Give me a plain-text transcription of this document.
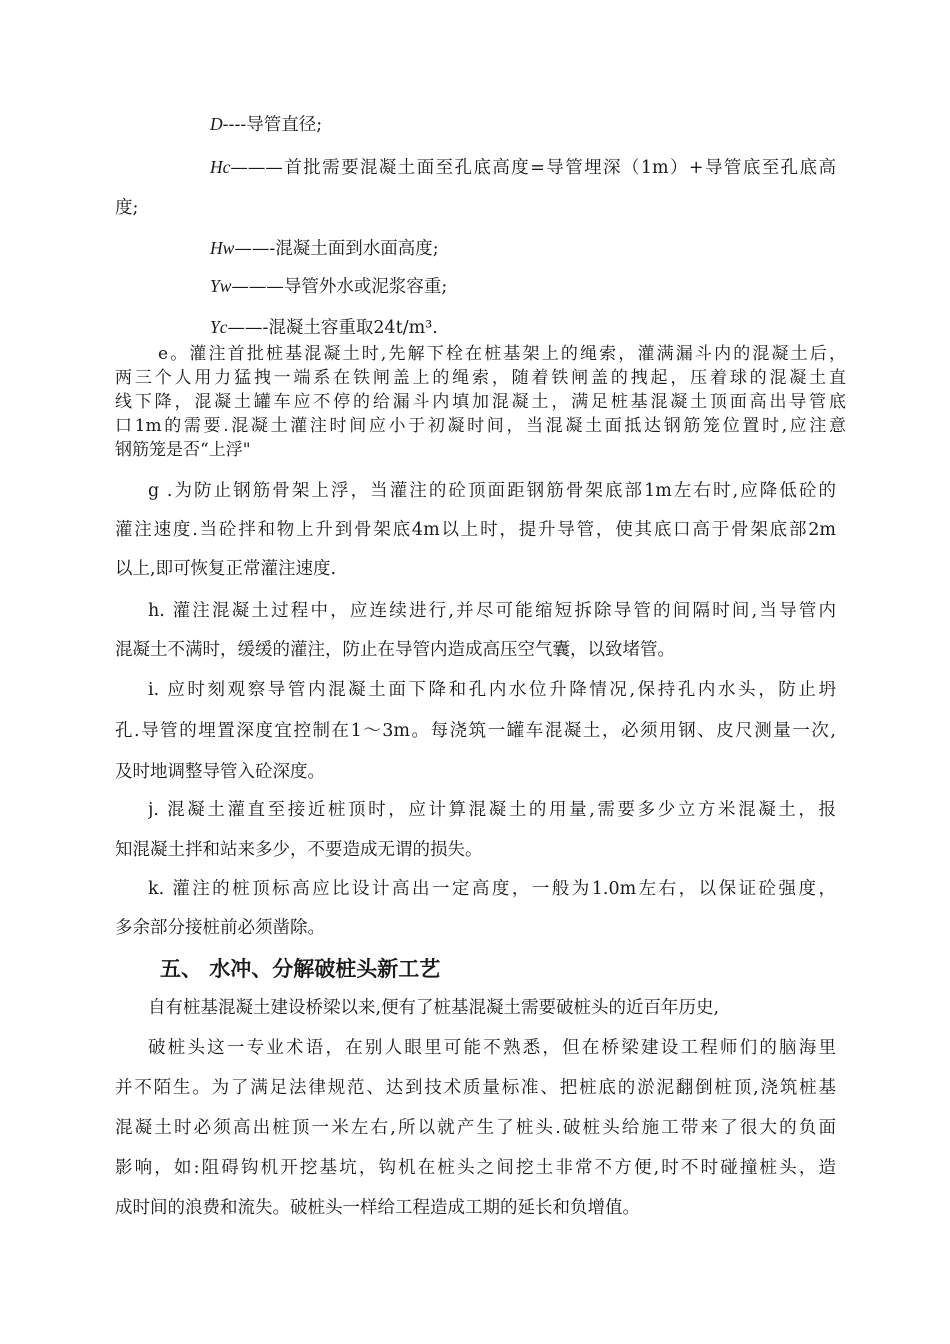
D----导管直径;
Hc———首批需要混凝土面至孔底高度=导管埋深（1m）+导管底至孔底高
度;
Hw——-混凝土面到水面高度;
Yw———导管外水或泥浆容重;
Yc——-混凝土容重取24t/m³.
e。灌注首批桩基混凝土时,先解下栓在桩基架上的绳索，灌满漏斗内的混凝土后，
两三个人用力猛拽一端系在铁闸盖上的绳索，随着铁闸盖的拽起，压着球的混凝土直
线下降，混凝土罐车应不停的给漏斗内填加混凝土，满足桩基混凝土顶面高出导管底
口1m的需要.混凝土灌注时间应小于初凝时间，当混凝土面抵达钢筋笼位置时,应注意
钢筋笼是否“上浮"
g .为防止钢筋骨架上浮，当灌注的砼顶面距钢筋骨架底部1m左右时,应降低砼的
灌注速度.当砼拌和物上升到骨架底4m以上时，提升导管，使其底口高于骨架底部2m
以上,即可恢复正常灌注速度.
h. 灌注混凝土过程中，应连续进行,并尽可能缩短拆除导管的间隔时间,当导管内
混凝土不满时，缓缓的灌注，防止在导管内造成高压空气囊，以致堵管。
i. 应时刻观察导管内混凝土面下降和孔内水位升降情况,保持孔内水头，防止坍
孔.导管的埋置深度宜控制在1～3m。每浇筑一罐车混凝土，必须用钢、皮尺测量一次,
及时地调整导管入砼深度。
j. 混凝土灌直至接近桩顶时，应计算混凝土的用量,需要多少立方米混凝土，报
知混凝土拌和站来多少，不要造成无谓的损失。
k. 灌注的桩顶标高应比设计高出一定高度，一般为1.0m左右，以保证砼强度，
多余部分接桩前必须凿除。
五、 水冲、分解破桩头新工艺
自有桩基混凝土建设桥梁以来,便有了桩基混凝土需要破桩头的近百年历史,
破桩头这一专业术语，在别人眼里可能不熟悉，但在桥梁建设工程师们的脑海里
并不陌生。为了满足法律规范、达到技术质量标准、把桩底的淤泥翻倒桩顶,浇筑桩基
混凝土时必须高出桩顶一米左右,所以就产生了桩头.破桩头给施工带来了很大的负面
影响，如:阻碍钩机开挖基坑，钩机在桩头之间挖土非常不方便,时不时碰撞桩头，造
成时间的浪费和流失。破桩头一样给工程造成工期的延长和负增值。
